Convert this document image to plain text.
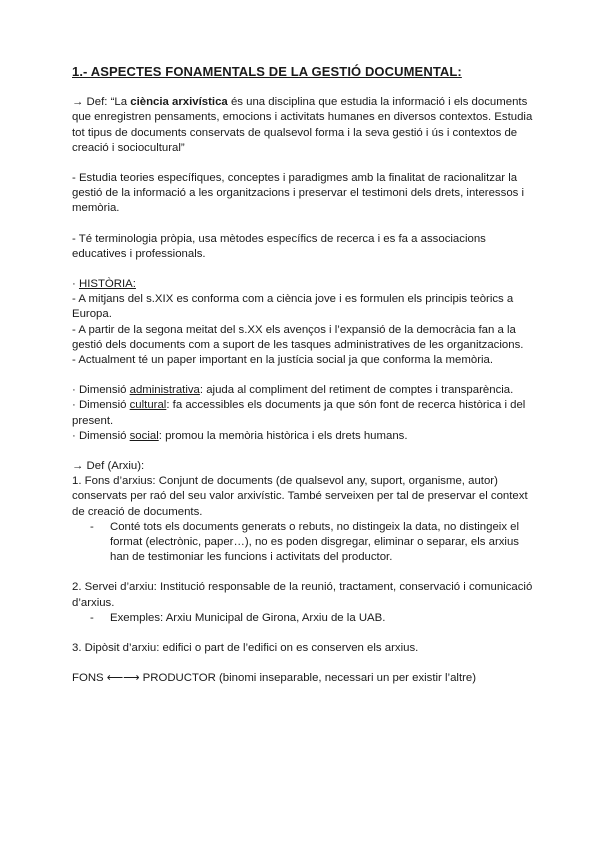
1.- ASPECTES FONAMENTALS DE LA GESTIÓ DOCUMENTAL:

→ Def: “La ciència arxivística és una disciplina que estudia la informació i els documents que enregistren pensaments, emocions i activitats humanes en diversos contextos. Estudia tot tipus de documents conservats de qualsevol forma i la seva gestió i ús i contextos de creació i sociocultural”

- Estudia teories específiques, conceptes i paradigmes amb la finalitat de racionalitzar la gestió de la informació a les organitzacions i preservar el testimoni dels drets, interessos i memòria.

- Té terminologia pròpia, usa mètodes específics de recerca i es fa a associacions educatives i professionals.

· HISTÒRIA:

- A mitjans del s.XIX es conforma com a ciència jove i es formulen els principis teòrics a Europa.

- A partir de la segona meitat del s.XX els avenços i l’expansió de la democràcia fan a la gestió dels documents com a suport de les tasques administratives de les organitzacions.

- Actualment té un paper important en la justícia social ja que conforma la memòria.

· Dimensió administrativa: ajuda al compliment del retiment de comptes i transparència.

· Dimensió cultural: fa accessibles els documents ja que són font de recerca històrica i del present.

· Dimensió social: promou la memòria històrica i els drets humans.

→ Def (Arxiu):

1. Fons d’arxius: Conjunt de documents (de qualsevol any, suport, organisme, autor) conservats per raó del seu valor arxivístic. També serveixen per tal de preservar el context de creació de documents.

-	Conté tots els documents generats o rebuts, no distingeix la data, no distingeix el format (electrònic, paper…), no es poden disgregar, eliminar o separar, els arxius han de testimoniar les funcions i activitats del productor.

2. Servei d’arxiu: Institució responsable de la reunió, tractament, conservació i comunicació d’arxius.

-	Exemples: Arxiu Municipal de Girona, Arxiu de la UAB.

3. Dipòsit d’arxiu: edifici o part de l’edifici on es conserven els arxius.

FONS ⟵⟶ PRODUCTOR (binomi inseparable, necessari un per existir l’altre)
